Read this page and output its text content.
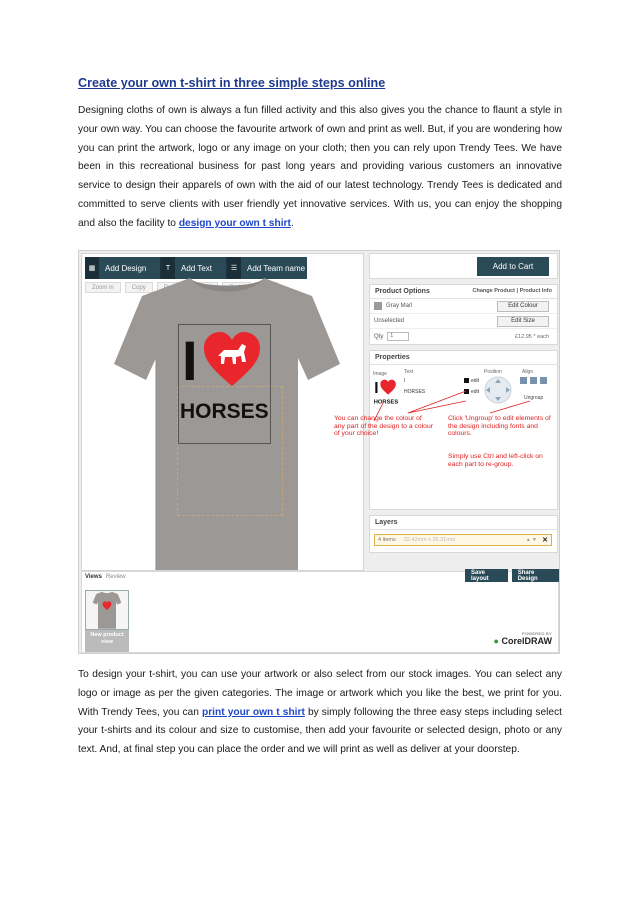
Create your own t-shirt in three simple steps online

Designing cloths of own is always a fun filled activity and this also gives you the chance to flaunt a style in your own way. You can choose the favourite artwork of own and print as well. But, if you are wondering how you can print the artwork, logo or any image on your cloth; then you can rely upon Trendy Tees. We have been in this recreational business for past long years and providing various customers an innovative service to design their apparels of own with the aid of our latest technology. Trendy Tees is dedicated and committed to serve clients with user friendly yet innovative services. With us, you can enjoy the shopping and also the facility to design your own t shirt.

▦	Add Design	T	Add Text	☰	Add Team name
Zoom in	Copy
I
HORSES
Add to Cart
Product Options	Change Product | Product Info
Gray Marl	Edit Colour
Unselected	Edit Size
Qty	1	£12.95 * each
Properties
Image	Text	Position	Align
I
HORSES
I
HORSES
edit
edit
Ungroup
You can change the colour of any part of the design to a colour of your choice!
Click 'Ungroup' to edit elements of the design including fonts and colours.
Simply use Ctrl and left-click on each part to re-group.
Layers
4 items 32.42mm x 26.31mm	▲ ▼ ✕
Views Review
New product view
POWERED BY
● CorelDRAW
Save layout
Share Design

To design your t-shirt, you can use your artwork or also select from our stock images. You can select any logo or image as per the given categories. The image or artwork which you like the best, we print for you. With Trendy Tees, you can print your own t shirt by simply following the three easy steps including select your t-shirts and its colour and size to customise, then add your favourite or selected design, photo or any text. And, at final step you can place the order and we will print as well as deliver at your doorstep.
